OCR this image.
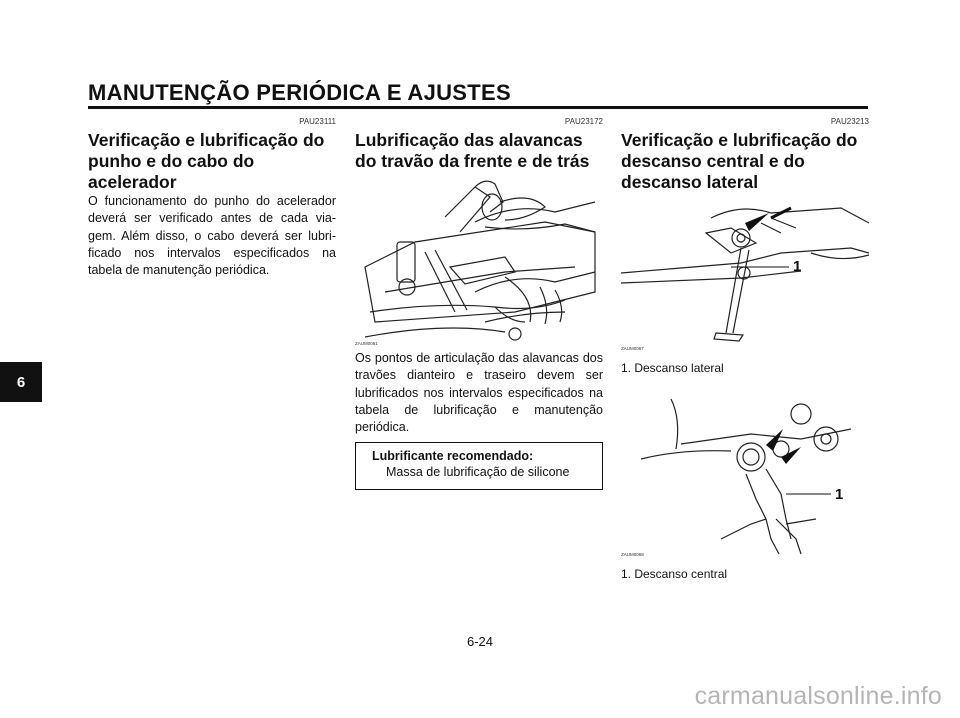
MANUTENÇÃO PERIÓDICA E AJUSTES
6
PAU23111
Verificação e lubrificação do punho e do cabo do acelerador

O funcionamento do punho do acelerador deverá ser verificado antes de cada via-gem. Além disso, o cabo deverá ser lubri-ficado nos intervalos especificados na tabela de manutenção periódica.

PAU23172
Lubrificação das alavancas do travão da frente e de trás
ZAUM0061

Os pontos de articulação das alavancas dos travões dianteiro e traseiro devem ser lubrificados nos intervalos especificados na tabela de lubrificação e manutenção periódica.

Lubrificante recomendado:
Massa de lubrificação de silicone
PAU23213
Verificação e lubrificação do descanso central e do descanso lateral
1
ZAUM0067
1. Descanso lateral
1
ZAUM0068
1. Descanso central
6-24
carmanualsonline.info
